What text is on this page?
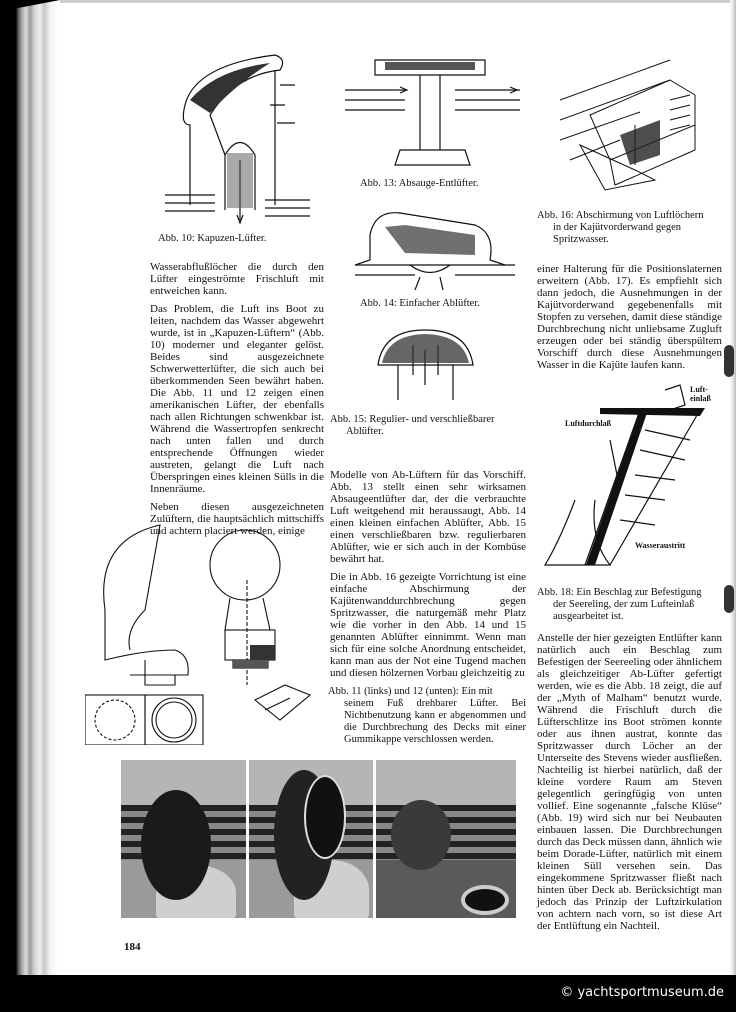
Abb. 10: Kapuzen-Lüfter.
Abb. 13: Absauge-Entlüfter.
Abb. 14: Einfacher Ablüfter.
Abb. 15: Regulier- und verschließbarer
Ablüfter.
Abb. 16: Abschirmung von Luftlöchern
in der Kajütvorderwand gegen
Spritzwasser.

Wasserabflußlöcher die durch den Lüfter eingeströmte Frischluft mit entweichen kann.

Das Problem, die Luft ins Boot zu leiten, nachdem das Wasser abgewehrt wurde, ist in „Kapuzen-Lüftern“ (Abb. 10) moderner und eleganter gelöst. Beides sind ausgezeichnete Schwerwetterlüfter, die sich auch bei überkommenden Seen bewährt haben. Die Abb. 11 und 12 zeigen einen amerikanischen Lüfter, der ebenfalls nach allen Richtungen schwenkbar ist. Während die Wassertropfen senkrecht nach unten fallen und durch entsprechende Öffnungen wieder austreten, gelangt die Luft nach Überspringen eines kleinen Sülls in die Innenräume.

Neben diesen ausgezeichneten Zulüftern, die hauptsächlich mittschiffs und achtern placiert werden, einige

Modelle von Ab-Lüftern für das Vorschiff. Abb. 13 stellt einen sehr wirksamen Absaugeentlüfter dar, der die verbrauchte Luft weitgehend mit heraussaugt, Abb. 14 einen kleinen einfachen Ablüfter, Abb. 15 einen verschließbaren bzw. regulierbaren Ablüfter, wie er sich auch in der Kombüse bewährt hat.

Die in Abb. 16 gezeigte Vorrichtung ist eine einfache Abschirmung der Kajütenwanddurchbrechung gegen Spritzwasser, die naturgemäß mehr Platz wie die vorher in den Abb. 14 und 15 genannten Ablüfter einnimmt. Wenn man sich für eine solche Anordnung entscheidet, kann man aus der Not eine Tugend machen und diesen hölzernen Vorbau gleichzeitig zu

Abb. 11 (links) und 12 (unten): Ein mit
seinem Fuß drehbarer Lüfter. Bei Nichtbenutzung kann er abgenommen und die Durchbrechung des Decks mit einer Gummikappe verschlossen werden.

einer Halterung für die Positionslaternen erweitern (Abb. 17). Es empfiehlt sich dann jedoch, die Ausnehmungen in der Kajütvorderwand gegebenenfalls mit Stopfen zu versehen, damit diese ständige Durchbrechung nicht unliebsame Zugluft erzeugen oder bei ständig überspültem Vorschiff durch diese Ausnehmungen Wasser in die Kajüte laufen kann.

Luft-
einlaß
Luftdurchlaß
Wasseraustritt
Abb. 18: Ein Beschlag zur Befestigung
der Seereling, der zum Lufteinlaß ausgearbeitet ist.

Anstelle der hier gezeigten Entlüfter kann natürlich auch ein Beschlag zum Befestigen der Seereeling oder ähnlichem als gleichzeitiger Ab-Lüfter gefertigt werden, wie es die Abb. 18 zeigt, die auf der „Myth of Malham“ benutzt wurde. Während die Frischluft durch die Lüfterschlitze ins Boot strömen konnte oder aus ihnen austrat, konnte das Spritzwasser durch Löcher an der Unterseite des Stevens wieder ausfließen. Nachteilig ist hierbei natürlich, daß der kleine vordere Raum am Steven gelegentlich geringfügig von unten vollief. Eine sogenannte „falsche Klüse“ (Abb. 19) wird sich nur bei Neubauten einbauen lassen. Die Durchbrechungen durch das Deck müssen dann, ähnlich wie beim Dorade-Lüfter, natürlich mit einem kleinen Süll versehen sein. Das eingekommene Spritzwasser fließt nach hinten über Deck ab. Berücksichtigt man jedoch das Prinzip der Luftzirkulation von achtern nach vorn, so ist diese Art der Entlüftung ein Nachteil.

184
© yachtsportmuseum.de
